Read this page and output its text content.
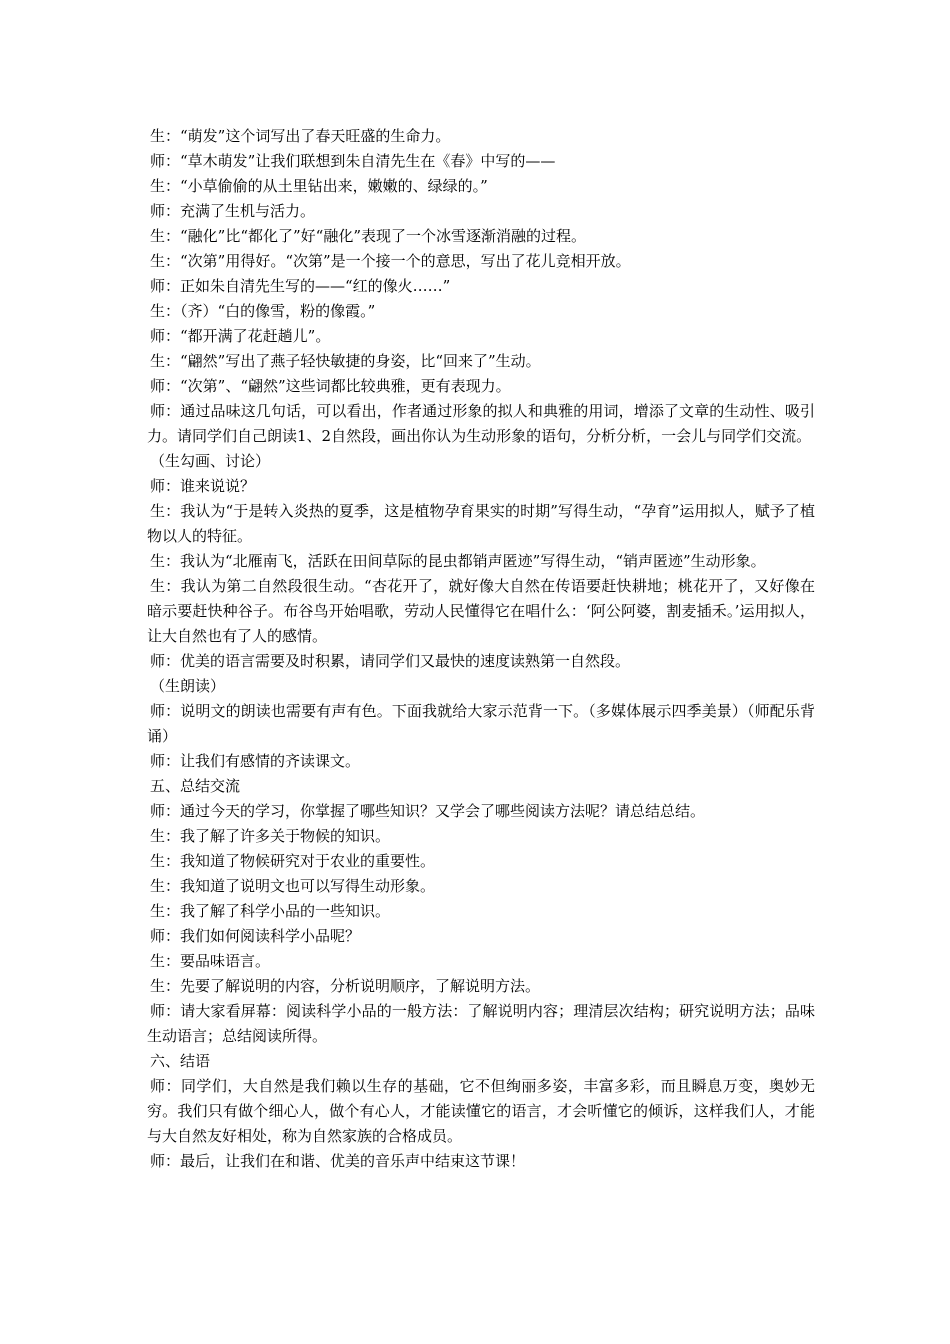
生：“萌发”这个词写出了春天旺盛的生命力。

师：“草木萌发”让我们联想到朱自清先生在《春》中写的——

生：“小草偷偷的从土里钻出来，嫩嫩的、绿绿的。”

师：充满了生机与活力。

生：“融化”比“都化了”好“融化”表现了一个冰雪逐渐消融的过程。

生：“次第”用得好。“次第”是一个接一个的意思，写出了花儿竞相开放。

师：正如朱自清先生写的——“红的像火……”

生：（齐）“白的像雪，粉的像霞。”

师：“都开满了花赶趟儿”。

生：“翩然”写出了燕子轻快敏捷的身姿，比“回来了”生动。

师：“次第”、“翩然”这些词都比较典雅，更有表现力。

师：通过品味这几句话，可以看出，作者通过形象的拟人和典雅的用词，增添了文章的生动性、吸引力。请同学们自己朗读1、2自然段，画出你认为生动形象的语句，分析分析，一会儿与同学们交流。

（生勾画、讨论）

师：谁来说说？

生：我认为“于是转入炎热的夏季，这是植物孕育果实的时期”写得生动，“孕育”运用拟人，赋予了植物以人的特征。

生：我认为“北雁南飞，活跃在田间草际的昆虫都销声匿迹”写得生动，“销声匿迹”生动形象。

生：我认为第二自然段很生动。“杏花开了，就好像大自然在传语要赶快耕地；桃花开了，又好像在暗示要赶快种谷子。布谷鸟开始唱歌，劳动人民懂得它在唱什么：‘阿公阿婆，割麦插禾。’运用拟人，让大自然也有了人的感情。

师：优美的语言需要及时积累，请同学们又最快的速度读熟第一自然段。

（生朗读）

师：说明文的朗读也需要有声有色。下面我就给大家示范背一下。（多媒体展示四季美景）（师配乐背诵）

师：让我们有感情的齐读课文。

五、总结交流

师：通过今天的学习，你掌握了哪些知识？又学会了哪些阅读方法呢？请总结总结。

生：我了解了许多关于物候的知识。

生：我知道了物候研究对于农业的重要性。

生：我知道了说明文也可以写得生动形象。

生：我了解了科学小品的一些知识。

师：我们如何阅读科学小品呢？

生：要品味语言。

生：先要了解说明的内容，分析说明顺序，了解说明方法。

师：请大家看屏幕：阅读科学小品的一般方法：了解说明内容；理清层次结构；研究说明方法；品味生动语言；总结阅读所得。

六、结语

师：同学们，大自然是我们赖以生存的基础，它不但绚丽多姿，丰富多彩，而且瞬息万变，奥妙无穷。我们只有做个细心人，做个有心人，才能读懂它的语言，才会听懂它的倾诉，这样我们人，才能与大自然友好相处，称为自然家族的合格成员。

师：最后，让我们在和谐、优美的音乐声中结束这节课！
